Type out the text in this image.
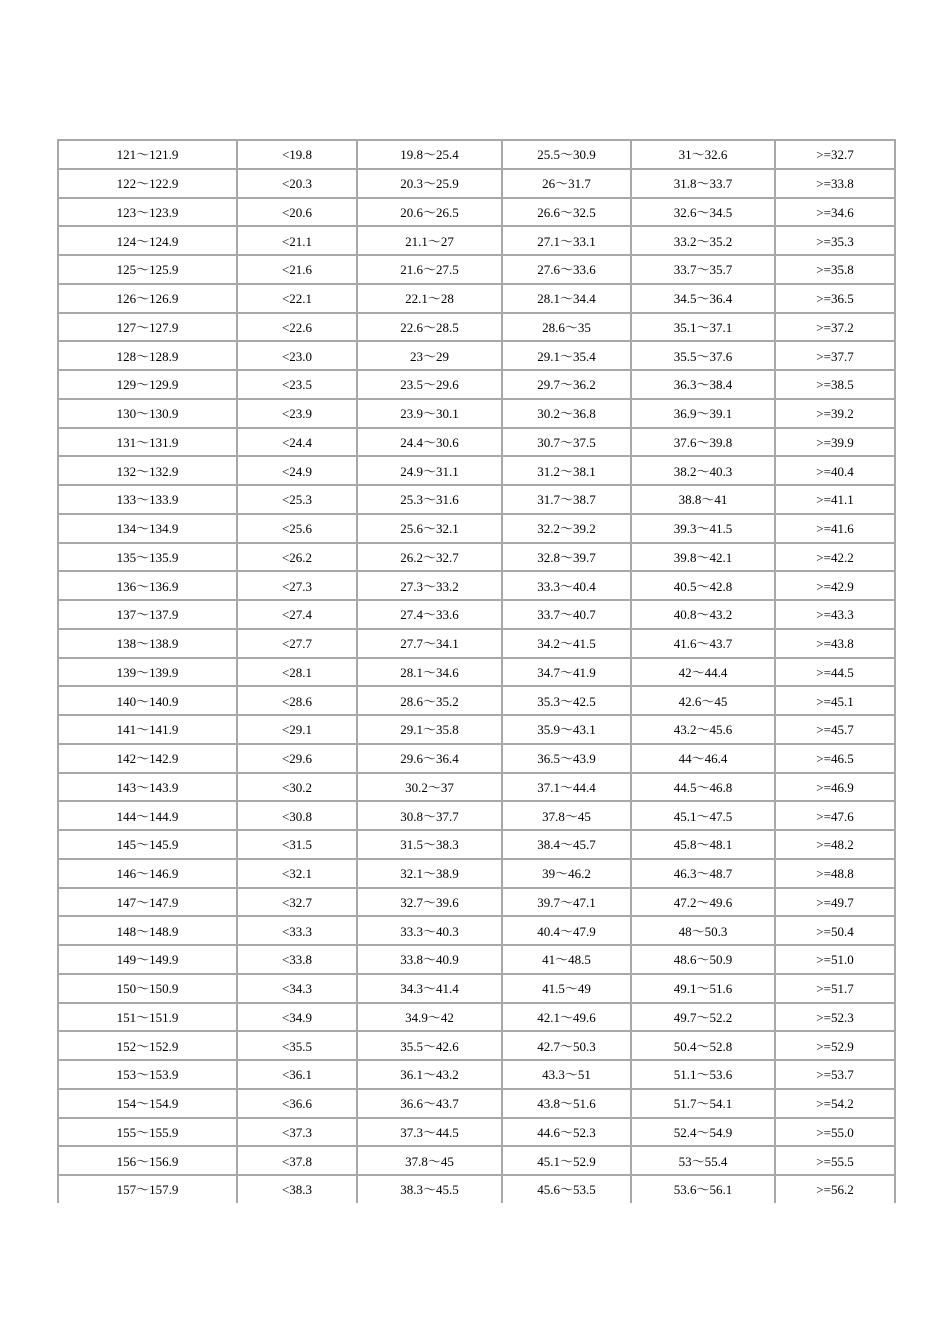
121～121.9	<19.8	19.8～25.4	25.5～30.9	31～32.6	>=32.7
122～122.9	<20.3	20.3～25.9	26～31.7	31.8～33.7	>=33.8
123～123.9	<20.6	20.6～26.5	26.6～32.5	32.6～34.5	>=34.6
124～124.9	<21.1	21.1～27	27.1～33.1	33.2～35.2	>=35.3
125～125.9	<21.6	21.6～27.5	27.6～33.6	33.7～35.7	>=35.8
126～126.9	<22.1	22.1～28	28.1～34.4	34.5～36.4	>=36.5
127～127.9	<22.6	22.6～28.5	28.6～35	35.1～37.1	>=37.2
128～128.9	<23.0	23～29	29.1～35.4	35.5～37.6	>=37.7
129～129.9	<23.5	23.5～29.6	29.7～36.2	36.3～38.4	>=38.5
130～130.9	<23.9	23.9～30.1	30.2～36.8	36.9～39.1	>=39.2
131～131.9	<24.4	24.4～30.6	30.7～37.5	37.6～39.8	>=39.9
132～132.9	<24.9	24.9～31.1	31.2～38.1	38.2～40.3	>=40.4
133～133.9	<25.3	25.3～31.6	31.7～38.7	38.8～41	>=41.1
134～134.9	<25.6	25.6～32.1	32.2～39.2	39.3～41.5	>=41.6
135～135.9	<26.2	26.2～32.7	32.8～39.7	39.8～42.1	>=42.2
136～136.9	<27.3	27.3～33.2	33.3～40.4	40.5～42.8	>=42.9
137～137.9	<27.4	27.4～33.6	33.7～40.7	40.8～43.2	>=43.3
138～138.9	<27.7	27.7～34.1	34.2～41.5	41.6～43.7	>=43.8
139～139.9	<28.1	28.1～34.6	34.7～41.9	42～44.4	>=44.5
140～140.9	<28.6	28.6～35.2	35.3～42.5	42.6～45	>=45.1
141～141.9	<29.1	29.1～35.8	35.9～43.1	43.2～45.6	>=45.7
142～142.9	<29.6	29.6～36.4	36.5～43.9	44～46.4	>=46.5
143～143.9	<30.2	30.2～37	37.1～44.4	44.5～46.8	>=46.9
144～144.9	<30.8	30.8～37.7	37.8～45	45.1～47.5	>=47.6
145～145.9	<31.5	31.5～38.3	38.4～45.7	45.8～48.1	>=48.2
146～146.9	<32.1	32.1～38.9	39～46.2	46.3～48.7	>=48.8
147～147.9	<32.7	32.7～39.6	39.7～47.1	47.2～49.6	>=49.7
148～148.9	<33.3	33.3～40.3	40.4～47.9	48～50.3	>=50.4
149～149.9	<33.8	33.8～40.9	41～48.5	48.6～50.9	>=51.0
150～150.9	<34.3	34.3～41.4	41.5～49	49.1～51.6	>=51.7
151～151.9	<34.9	34.9～42	42.1～49.6	49.7～52.2	>=52.3
152～152.9	<35.5	35.5～42.6	42.7～50.3	50.4～52.8	>=52.9
153～153.9	<36.1	36.1～43.2	43.3～51	51.1～53.6	>=53.7
154～154.9	<36.6	36.6～43.7	43.8～51.6	51.7～54.1	>=54.2
155～155.9	<37.3	37.3～44.5	44.6～52.3	52.4～54.9	>=55.0
156～156.9	<37.8	37.8～45	45.1～52.9	53～55.4	>=55.5
157～157.9	<38.3	38.3～45.5	45.6～53.5	53.6～56.1	>=56.2
